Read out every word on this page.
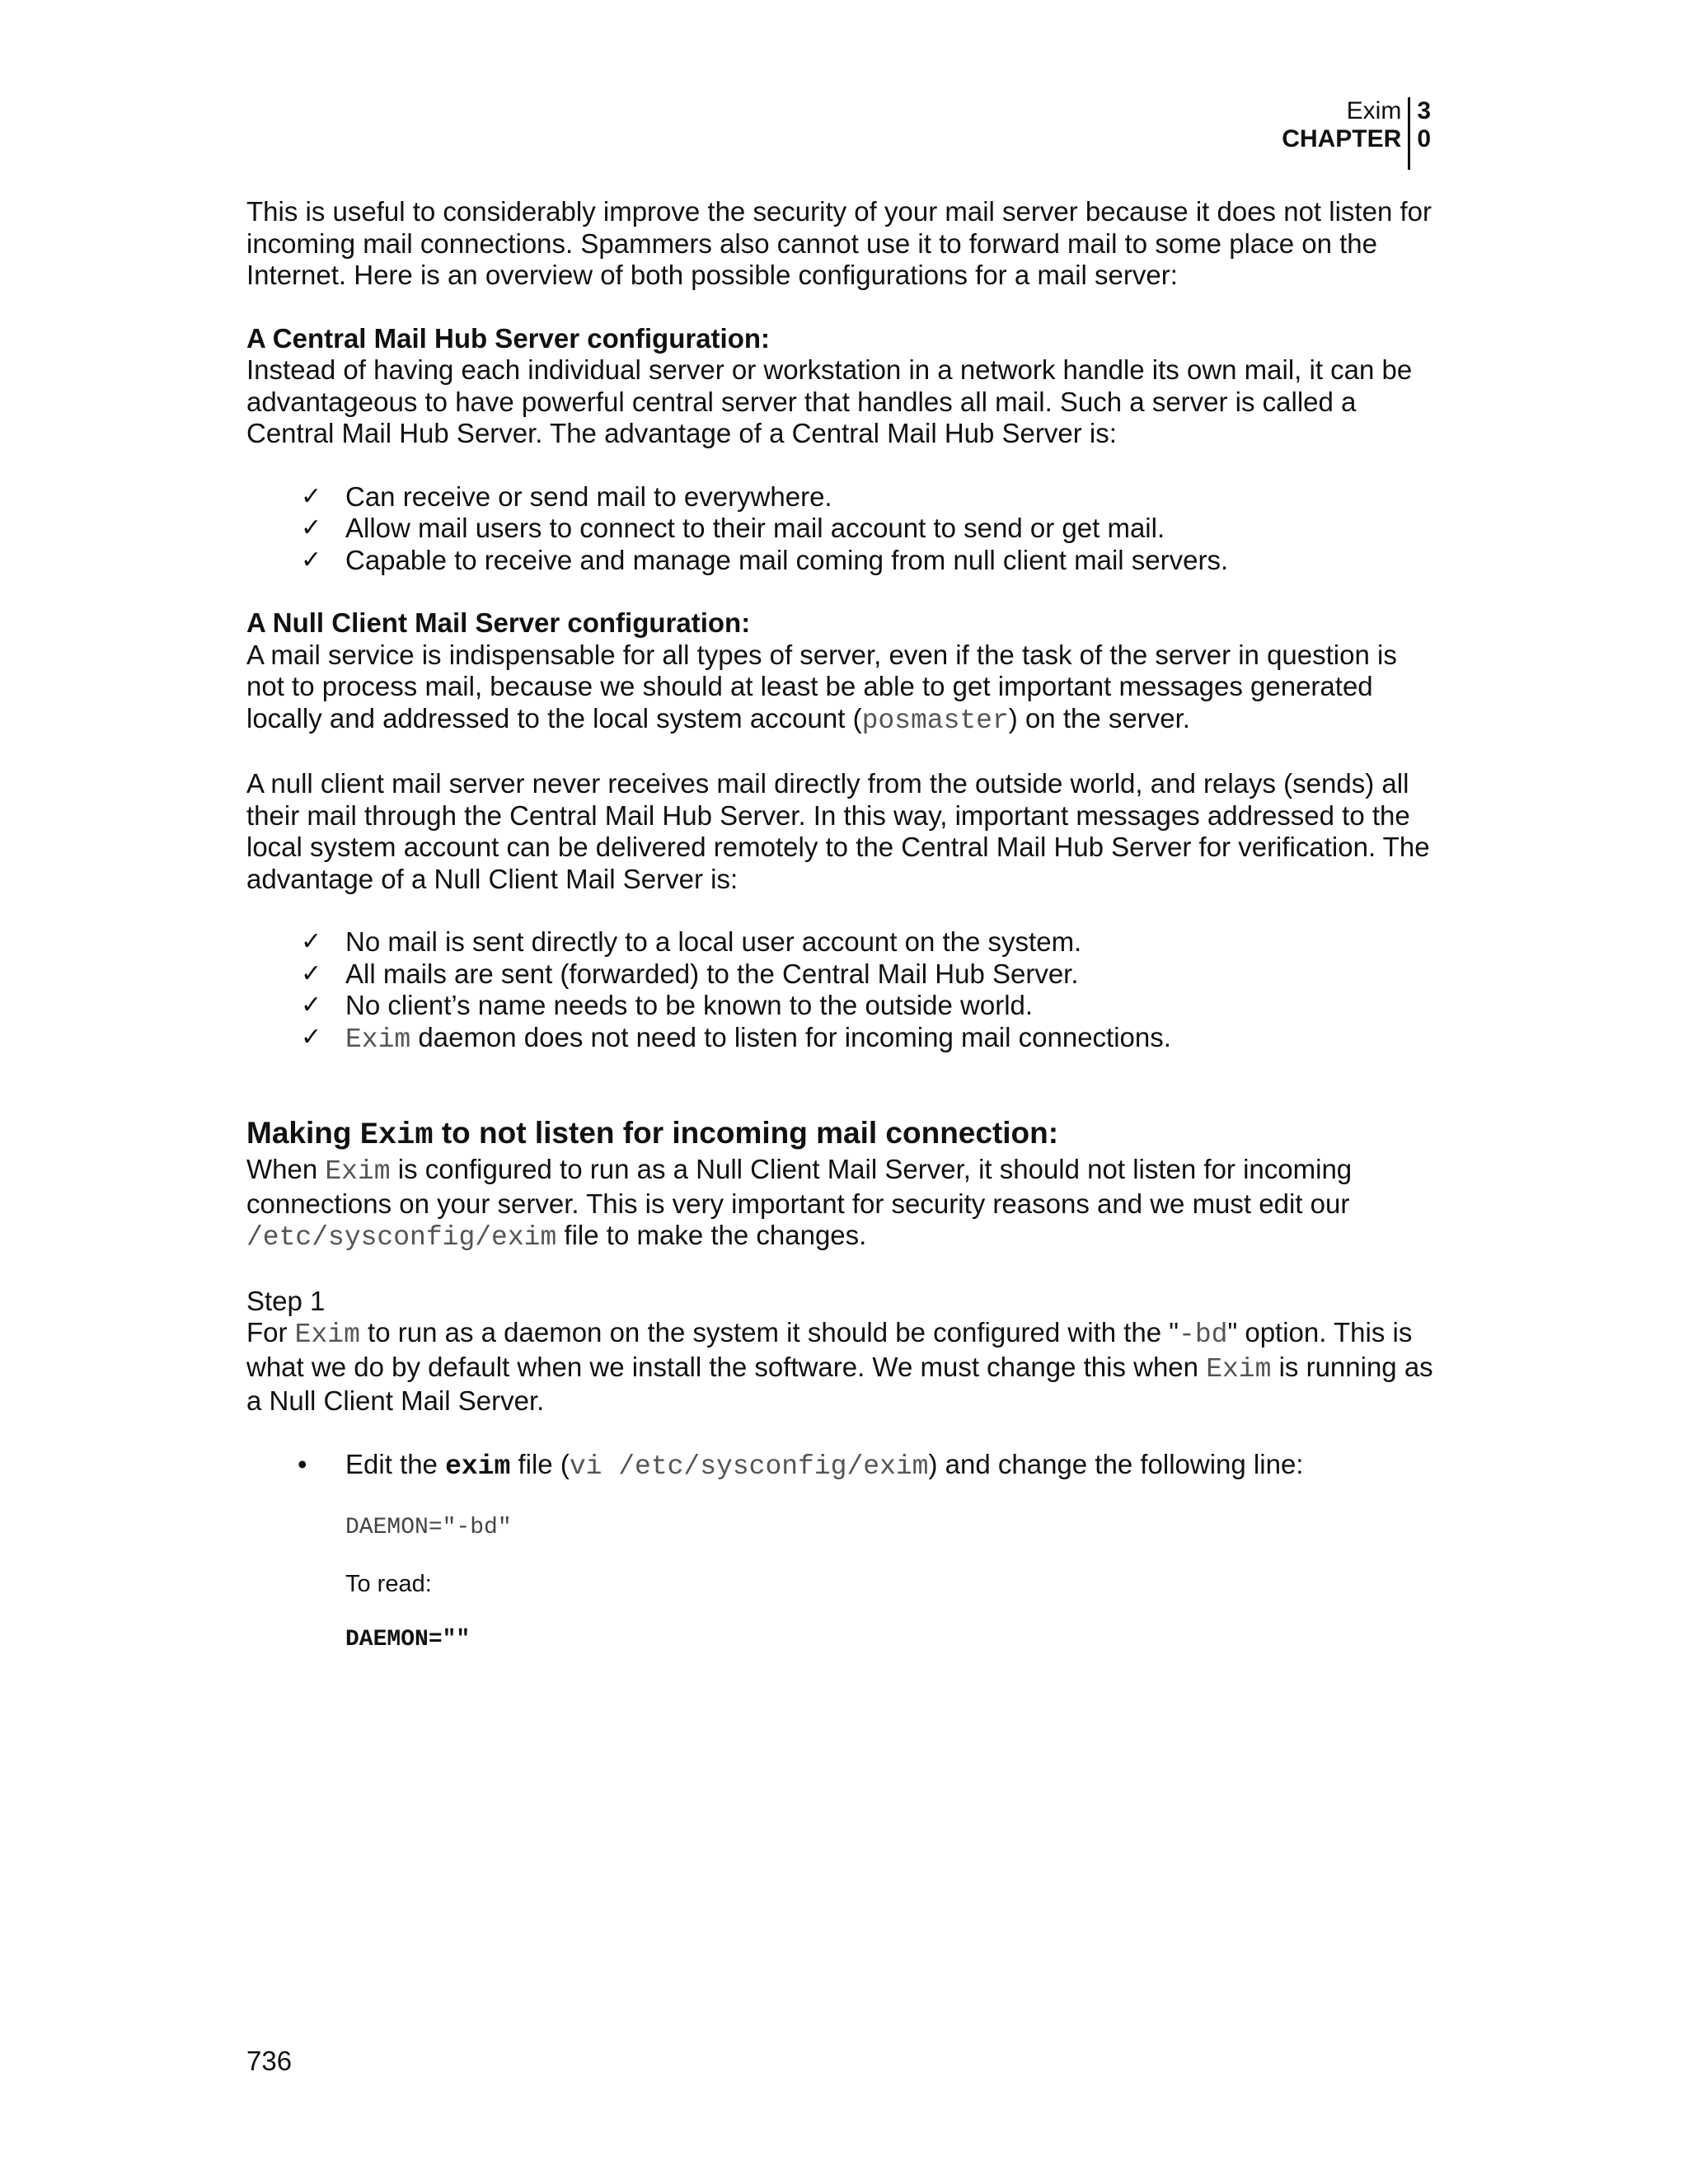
Exim
CHAPTER
3
0

This is useful to considerably improve the security of your mail server because it does not listen for incoming mail connections. Spammers also cannot use it to forward mail to some place on the Internet. Here is an overview of both possible configurations for a mail server:

A Central Mail Hub Server configuration:

Instead of having each individual server or workstation in a network handle its own mail, it can be advantageous to have powerful central server that handles all mail. Such a server is called a Central Mail Hub Server. The advantage of a Central Mail Hub Server is:

✓ Can receive or send mail to everywhere.
✓ Allow mail users to connect to their mail account to send or get mail.
✓ Capable to receive and manage mail coming from null client mail servers.

A Null Client Mail Server configuration:

A mail service is indispensable for all types of server, even if the task of the server in question is not to process mail, because we should at least be able to get important messages generated locally and addressed to the local system account (posmaster) on the server.

A null client mail server never receives mail directly from the outside world, and relays (sends) all their mail through the Central Mail Hub Server. In this way, important messages addressed to the local system account can be delivered remotely to the Central Mail Hub Server for verification. The advantage of a Null Client Mail Server is:

✓ No mail is sent directly to a local user account on the system.
✓ All mails are sent (forwarded) to the Central Mail Hub Server.
✓ No client’s name needs to be known to the outside world.
✓ Exim daemon does not need to listen for incoming mail connections.

Making Exim to not listen for incoming mail connection:

When Exim is configured to run as a Null Client Mail Server, it should not listen for incoming connections on your server. This is very important for security reasons and we must edit our /etc/sysconfig/exim file to make the changes.

Step 1

For Exim to run as a daemon on the system it should be configured with the "-bd" option. This is what we do by default when we install the software. We must change this when Exim is running as a Null Client Mail Server.

•	Edit the exim file (vi /etc/sysconfig/exim) and change the following line:
DAEMON="-bd"
To read:
DAEMON=""
736
